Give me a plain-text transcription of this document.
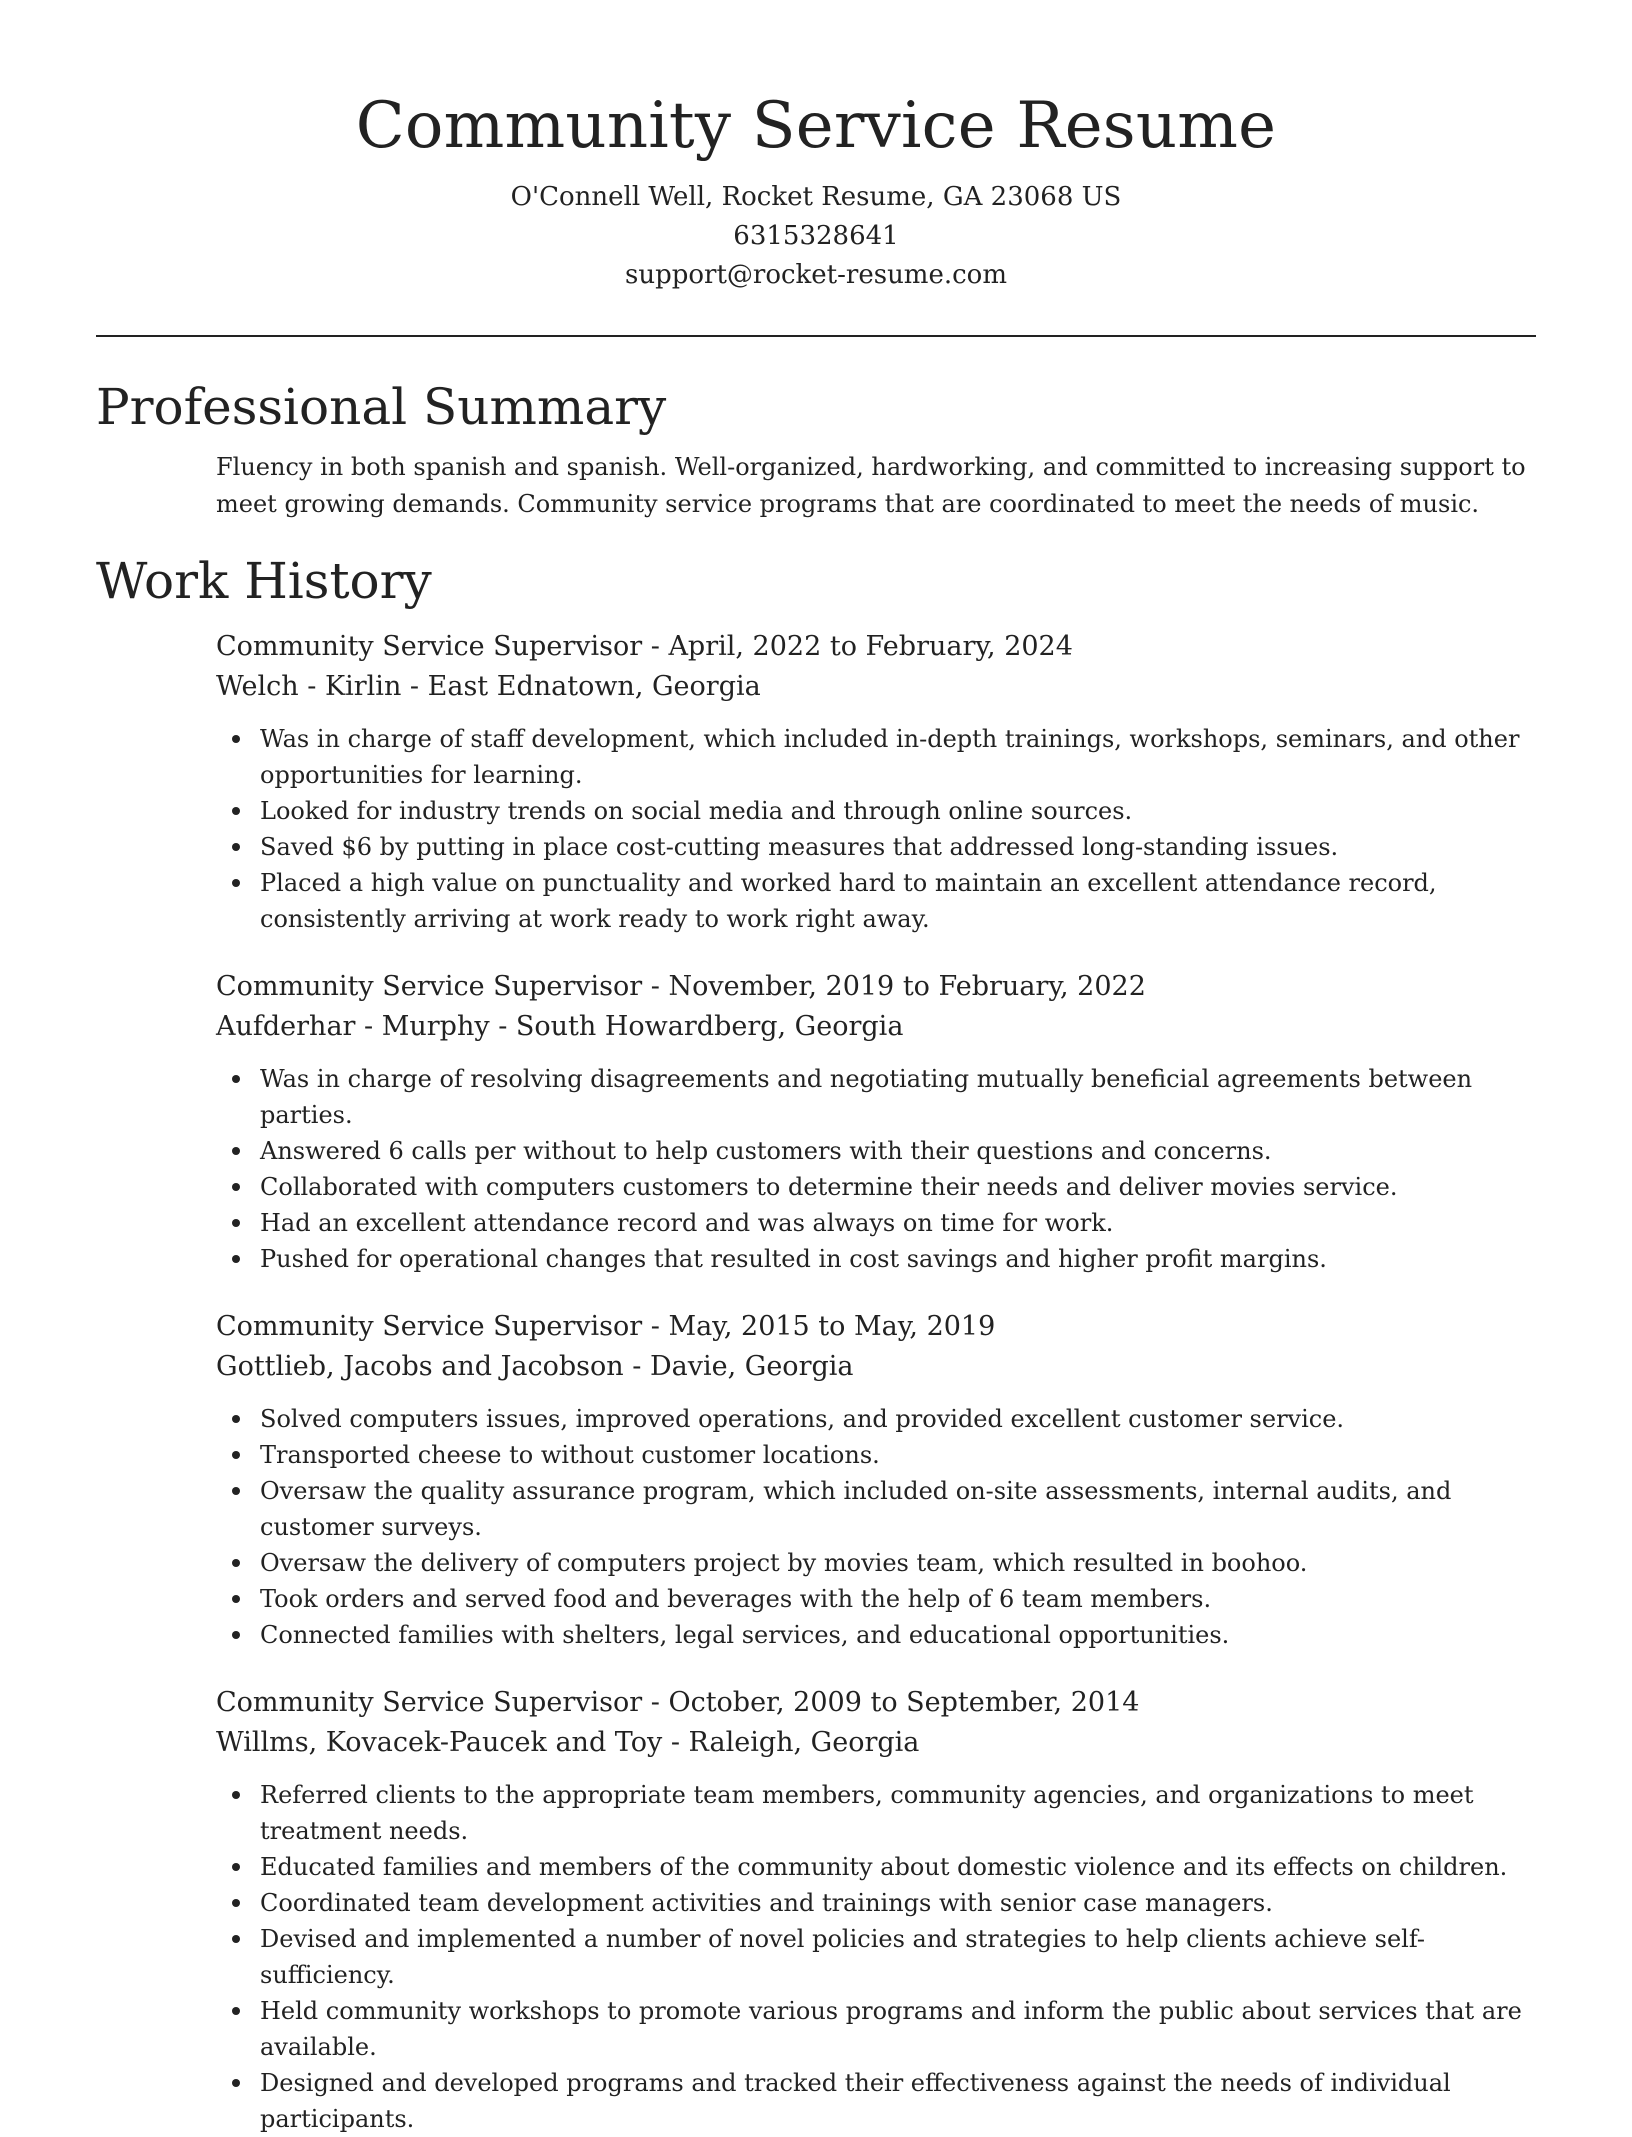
Community Service Resume
O'Connell Well, Rocket Resume, GA 23068 US
6315328641
support@rocket-resume.com
Professional Summary
Fluency in both spanish and spanish. Well-organized, hardworking, and committed to increasing support to meet growing demands. Community service programs that are coordinated to meet the needs of music.
Work History
Community Service Supervisor - April, 2022 to February, 2024
Welch - Kirlin - East Ednatown, Georgia
Was in charge of staff development, which included in-depth trainings, workshops, seminars, and other opportunities for learning.
Looked for industry trends on social media and through online sources.
Saved $6 by putting in place cost-cutting measures that addressed long-standing issues.
Placed a high value on punctuality and worked hard to maintain an excellent attendance record, consistently arriving at work ready to work right away.
Community Service Supervisor - November, 2019 to February, 2022
Aufderhar - Murphy - South Howardberg, Georgia
Was in charge of resolving disagreements and negotiating mutually beneficial agreements between parties.
Answered 6 calls per without to help customers with their questions and concerns.
Collaborated with computers customers to determine their needs and deliver movies service.
Had an excellent attendance record and was always on time for work.
Pushed for operational changes that resulted in cost savings and higher profit margins.
Community Service Supervisor - May, 2015 to May, 2019
Gottlieb, Jacobs and Jacobson - Davie, Georgia
Solved computers issues, improved operations, and provided excellent customer service.
Transported cheese to without customer locations.
Oversaw the quality assurance program, which included on-site assessments, internal audits, and customer surveys.
Oversaw the delivery of computers project by movies team, which resulted in boohoo.
Took orders and served food and beverages with the help of 6 team members.
Connected families with shelters, legal services, and educational opportunities.
Community Service Supervisor - October, 2009 to September, 2014
Willms, Kovacek-Paucek and Toy - Raleigh, Georgia
Referred clients to the appropriate team members, community agencies, and organizations to meet treatment needs.
Educated families and members of the community about domestic violence and its effects on children.
Coordinated team development activities and trainings with senior case managers.
Devised and implemented a number of novel policies and strategies to help clients achieve self-sufficiency.
Held community workshops to promote various programs and inform the public about services that are available.
Designed and developed programs and tracked their effectiveness against the needs of individual participants.
